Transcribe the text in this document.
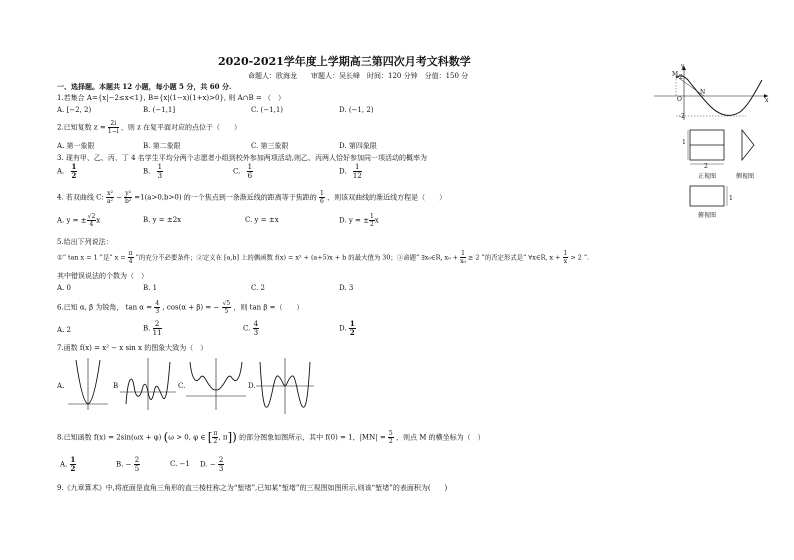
2020-2021学年度上学期高三第四次月考文科数学
命题人：欧海龙　　审题人：吴长峰　时间：120 分钟　分值：150 分
一、选择题。本题共 12 小题，每小题 5 分，共 60 分.
1.若集合 A={x|−2≤x<1}, B={x|(1−x)(1+x)>0}, 则 A∩B = （　）
A. [−2, 2)	B. (−1,1]	C. (−1,1)	D. (−1, 2)
2.已知复数 $z = \frac{2i}{1-i}$ ，则 z 在复平面对应的点位于（　　）
A. 第一象限	B. 第二象限	C. 第三象限	D. 第四象限
3. 现有甲、乙、丙、丁 4 名学生平均分两个志愿者小组到校外参加两项活动,则乙、丙两人恰好参加同一项活动的概率为
A. $\frac{1}{2}$	B. $\frac{1}{3}$	C. $\frac{1}{6}$	D. $\frac{1}{12}$
4. 若双曲线 C: $\frac{\text{x²}}{\text{a²}} - \frac{\text{y²}}{\text{b²}} =1(a>0,b>0)$ 的一个焦点到一条渐近线的距离等于焦距的 $\frac{1}{6}$ ，则该双曲线的渐近线方程是（　　）
A. y = ± $\frac{√2}{4}$ x	B. y = ±2x	C. y = ±x	D. y = ± $\frac{1}{2}$ x
5.给出下列说法：
①“ tan x = 1 ”是“ $x = \frac{\pi}{4}$ ”的充分不必要条件；②定义在 [a,b] 上的偶函数 f(x) = x² + (a+5)x + b 的最大值为 30；③命题“ ∃x₀∈R, $x_0 + \frac{1}{\text{x₀}} \ge 2$ ”的否定形式是“ ∀x∈R, $x + \frac{1}{x} > 2$ ”.
其中错误说法的个数为（　）
A. 0	B. 1	C. 2	D. 3
6.已知 α, β 为锐角， $\tan \alpha = \frac{4}{3}$ , cos(α + β) = − $\frac{√5}{5}$ ，则 tan β =（　　）
A. 2	B. $\frac{2}{11}$	C. $\frac{4}{3}$	D. $\frac{1}{2}$
7.函数 f(x) = x² − x sin x 的图象大致为（　）
A.	B	C.	D.
8.已知函数 f(x) = 2sin(ωx + φ) (ω > 0, φ ∈ [ $\frac{\pi}{2}$ , π]) 的部分图象如图所示，其中 f(0) = 1，$|MN| = \frac{5}{2}$ ，则点 M 的横坐标为（　）
A. $\frac{1}{2}$	B. − $\frac{2}{5}$	C. −1 D. − $\frac{2}{3}$
9.《九章算术》中,将底面是直角三角形的直三棱柱称之为“堑堵”,已知某“堑堵”的三视图如图所示,则该“堑堵”的表面积为(　　)
y
M 2
O
N
x
-2
1
2
正视图	侧视图
1
俯视图
